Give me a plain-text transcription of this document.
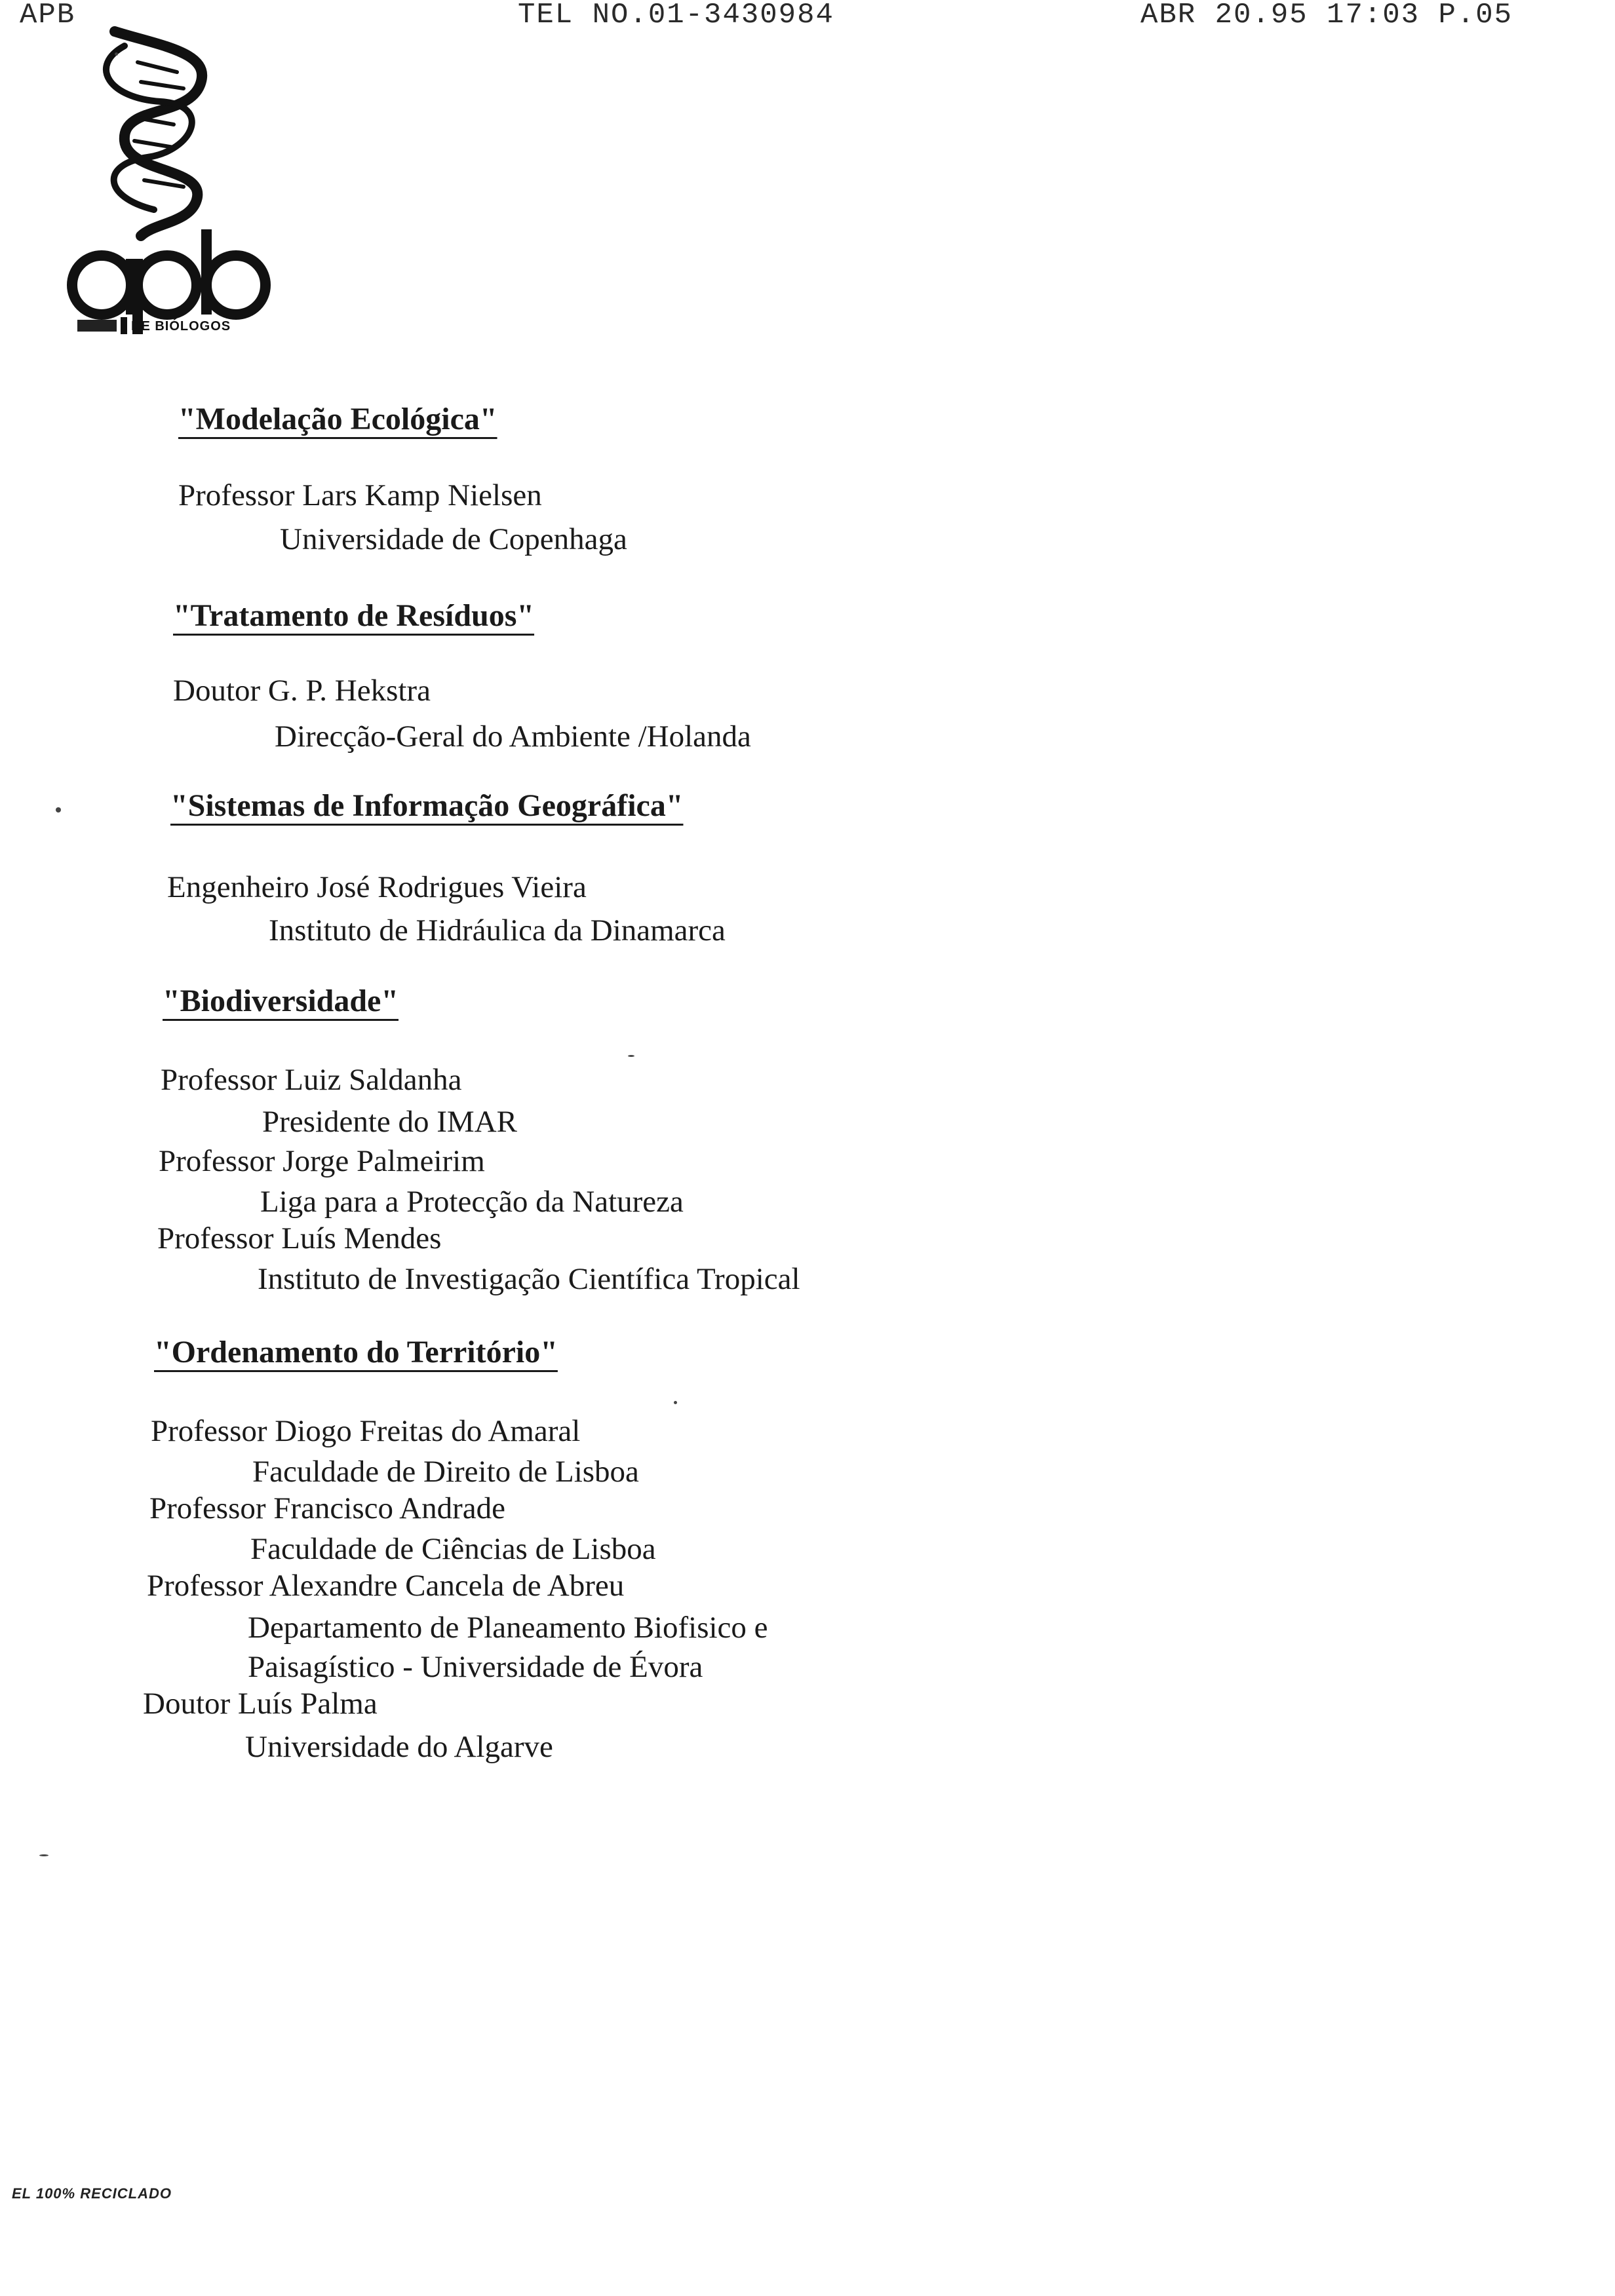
APB	TEL NO.01-3430984	ABR 20.95 17:03 P.05
DE BIÓLOGOS
"Modelação Ecológica"
Professor Lars Kamp Nielsen
Universidade de Copenhaga
"Tratamento de Resíduos"
Doutor G. P. Hekstra
Direcção-Geral do Ambiente /Holanda
"Sistemas de Informação Geográfica"
Engenheiro José Rodrigues Vieira
Instituto de Hidráulica da Dinamarca
"Biodiversidade"
Professor Luiz Saldanha
Presidente do IMAR
Professor Jorge Palmeirim
Liga para a Protecção da Natureza
Professor Luís Mendes
Instituto de Investigação Científica Tropical
"Ordenamento do Território"
Professor Diogo Freitas do Amaral
Faculdade de Direito de Lisboa
Professor Francisco Andrade
Faculdade de Ciências de Lisboa
Professor Alexandre Cancela de Abreu
Departamento de Planeamento Biofisico e
Paisagístico - Universidade de Évora
Doutor Luís Palma
Universidade do Algarve
EL 100% RECICLADO
